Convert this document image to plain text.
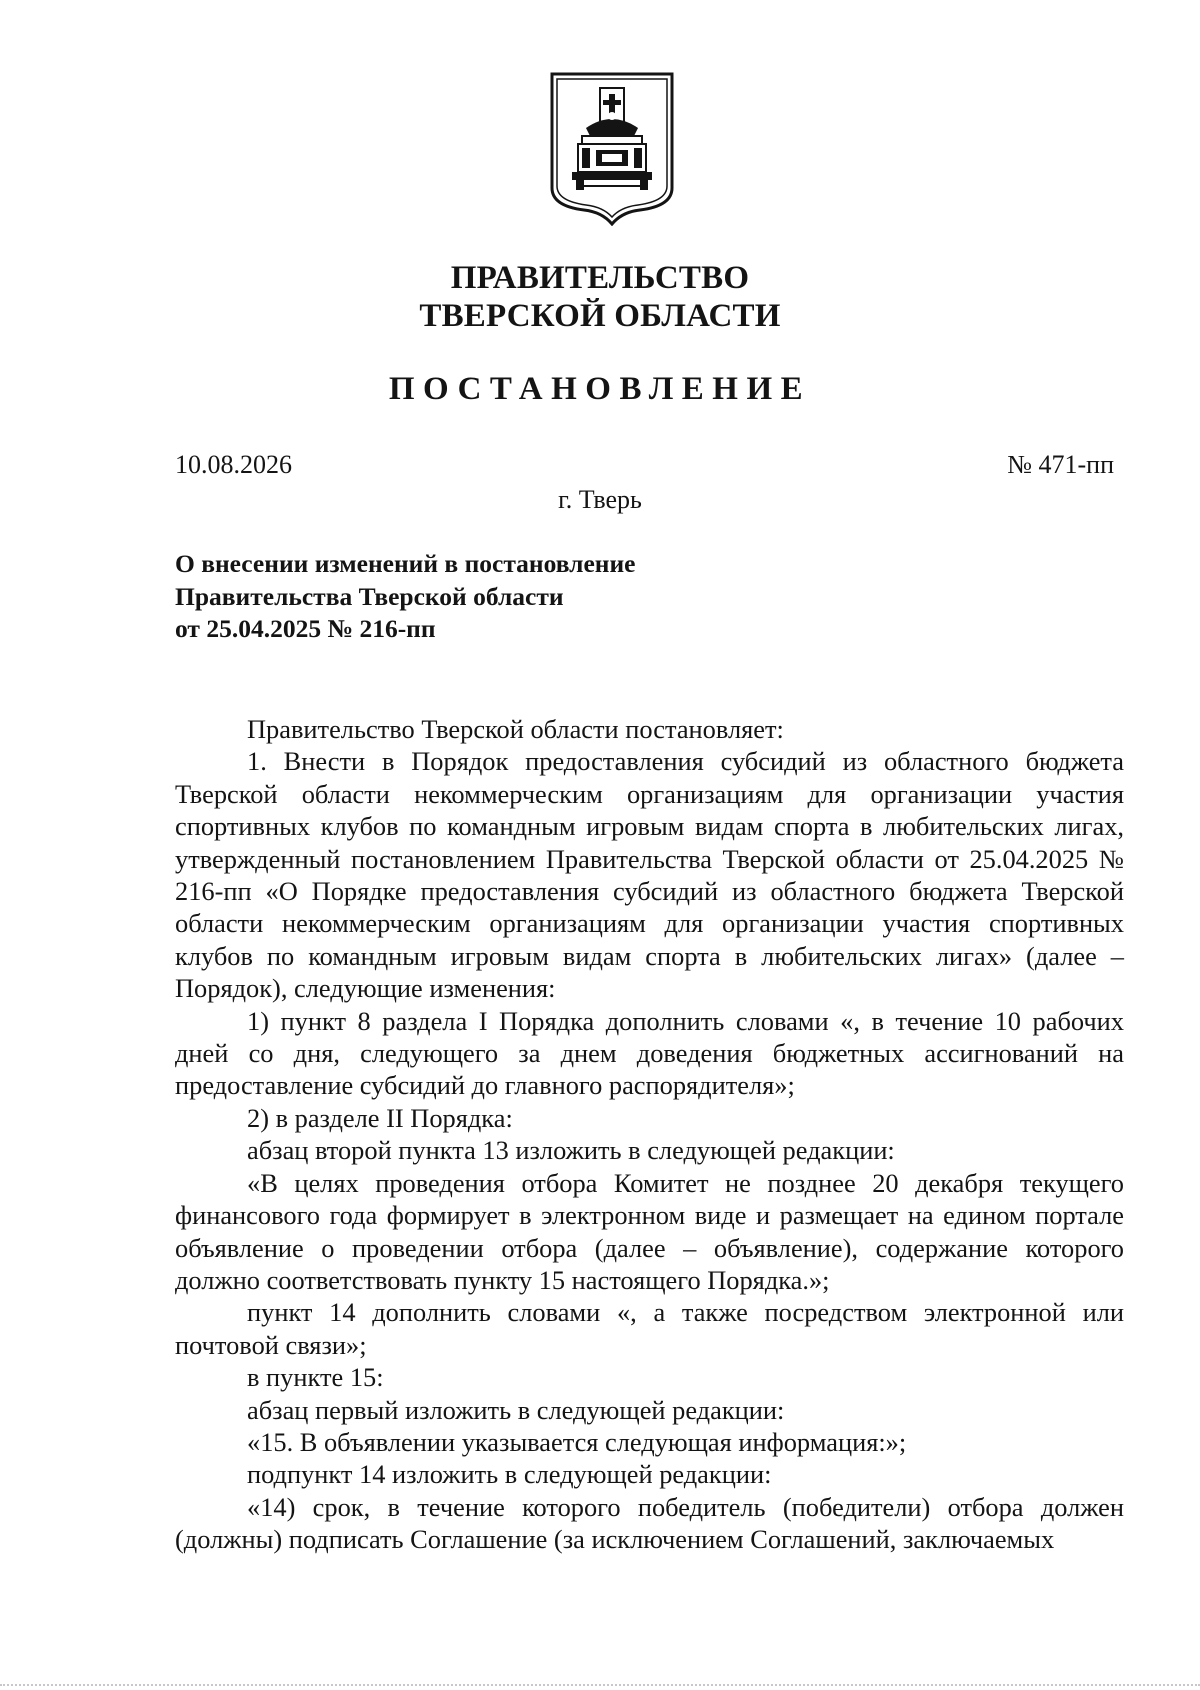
ПРАВИТЕЛЬСТВО
ТВЕРСКОЙ ОБЛАСТИ
ПОСТАНОВЛЕНИЕ
10.08.2026	№ 471-пп
г. Тверь
О внесении изменений в постановление
Правительства Тверской области
от 25.04.2025 № 216-пп

Правительство Тверской области постановляет:

1. Внести в Порядок предоставления субсидий из областного бюджета Тверской области некоммерческим организациям для организации участия спортивных клубов по командным игровым видам спорта в любительских лигах, утвержденный постановлением Правительства Тверской области от 25.04.2025 № 216-пп «О Порядке предоставления субсидий из областного бюджета Тверской области некоммерческим организациям для организации участия спортивных клубов по командным игровым видам спорта в любительских лигах» (далее – Порядок), следующие изменения:

1) пункт 8 раздела I Порядка дополнить словами «, в течение 10 рабочих дней со дня, следующего за днем доведения бюджетных ассигнований на предоставление субсидий до главного распорядителя»;

2) в разделе II Порядка:

абзац второй пункта 13 изложить в следующей редакции:

«В целях проведения отбора Комитет не позднее 20 декабря текущего финансового года формирует в электронном виде и размещает на едином портале объявление о проведении отбора (далее – объявление), содержание которого должно соответствовать пункту 15 настоящего Порядка.»;

пункт 14 дополнить словами «, а также посредством электронной или почтовой связи»;

в пункте 15:

абзац первый изложить в следующей редакции:

«15. В объявлении указывается следующая информация:»;

подпункт 14 изложить в следующей редакции:

«14) срок, в течение которого победитель (победители) отбора должен (должны) подписать Соглашение (за исключением Соглашений, заключаемых
